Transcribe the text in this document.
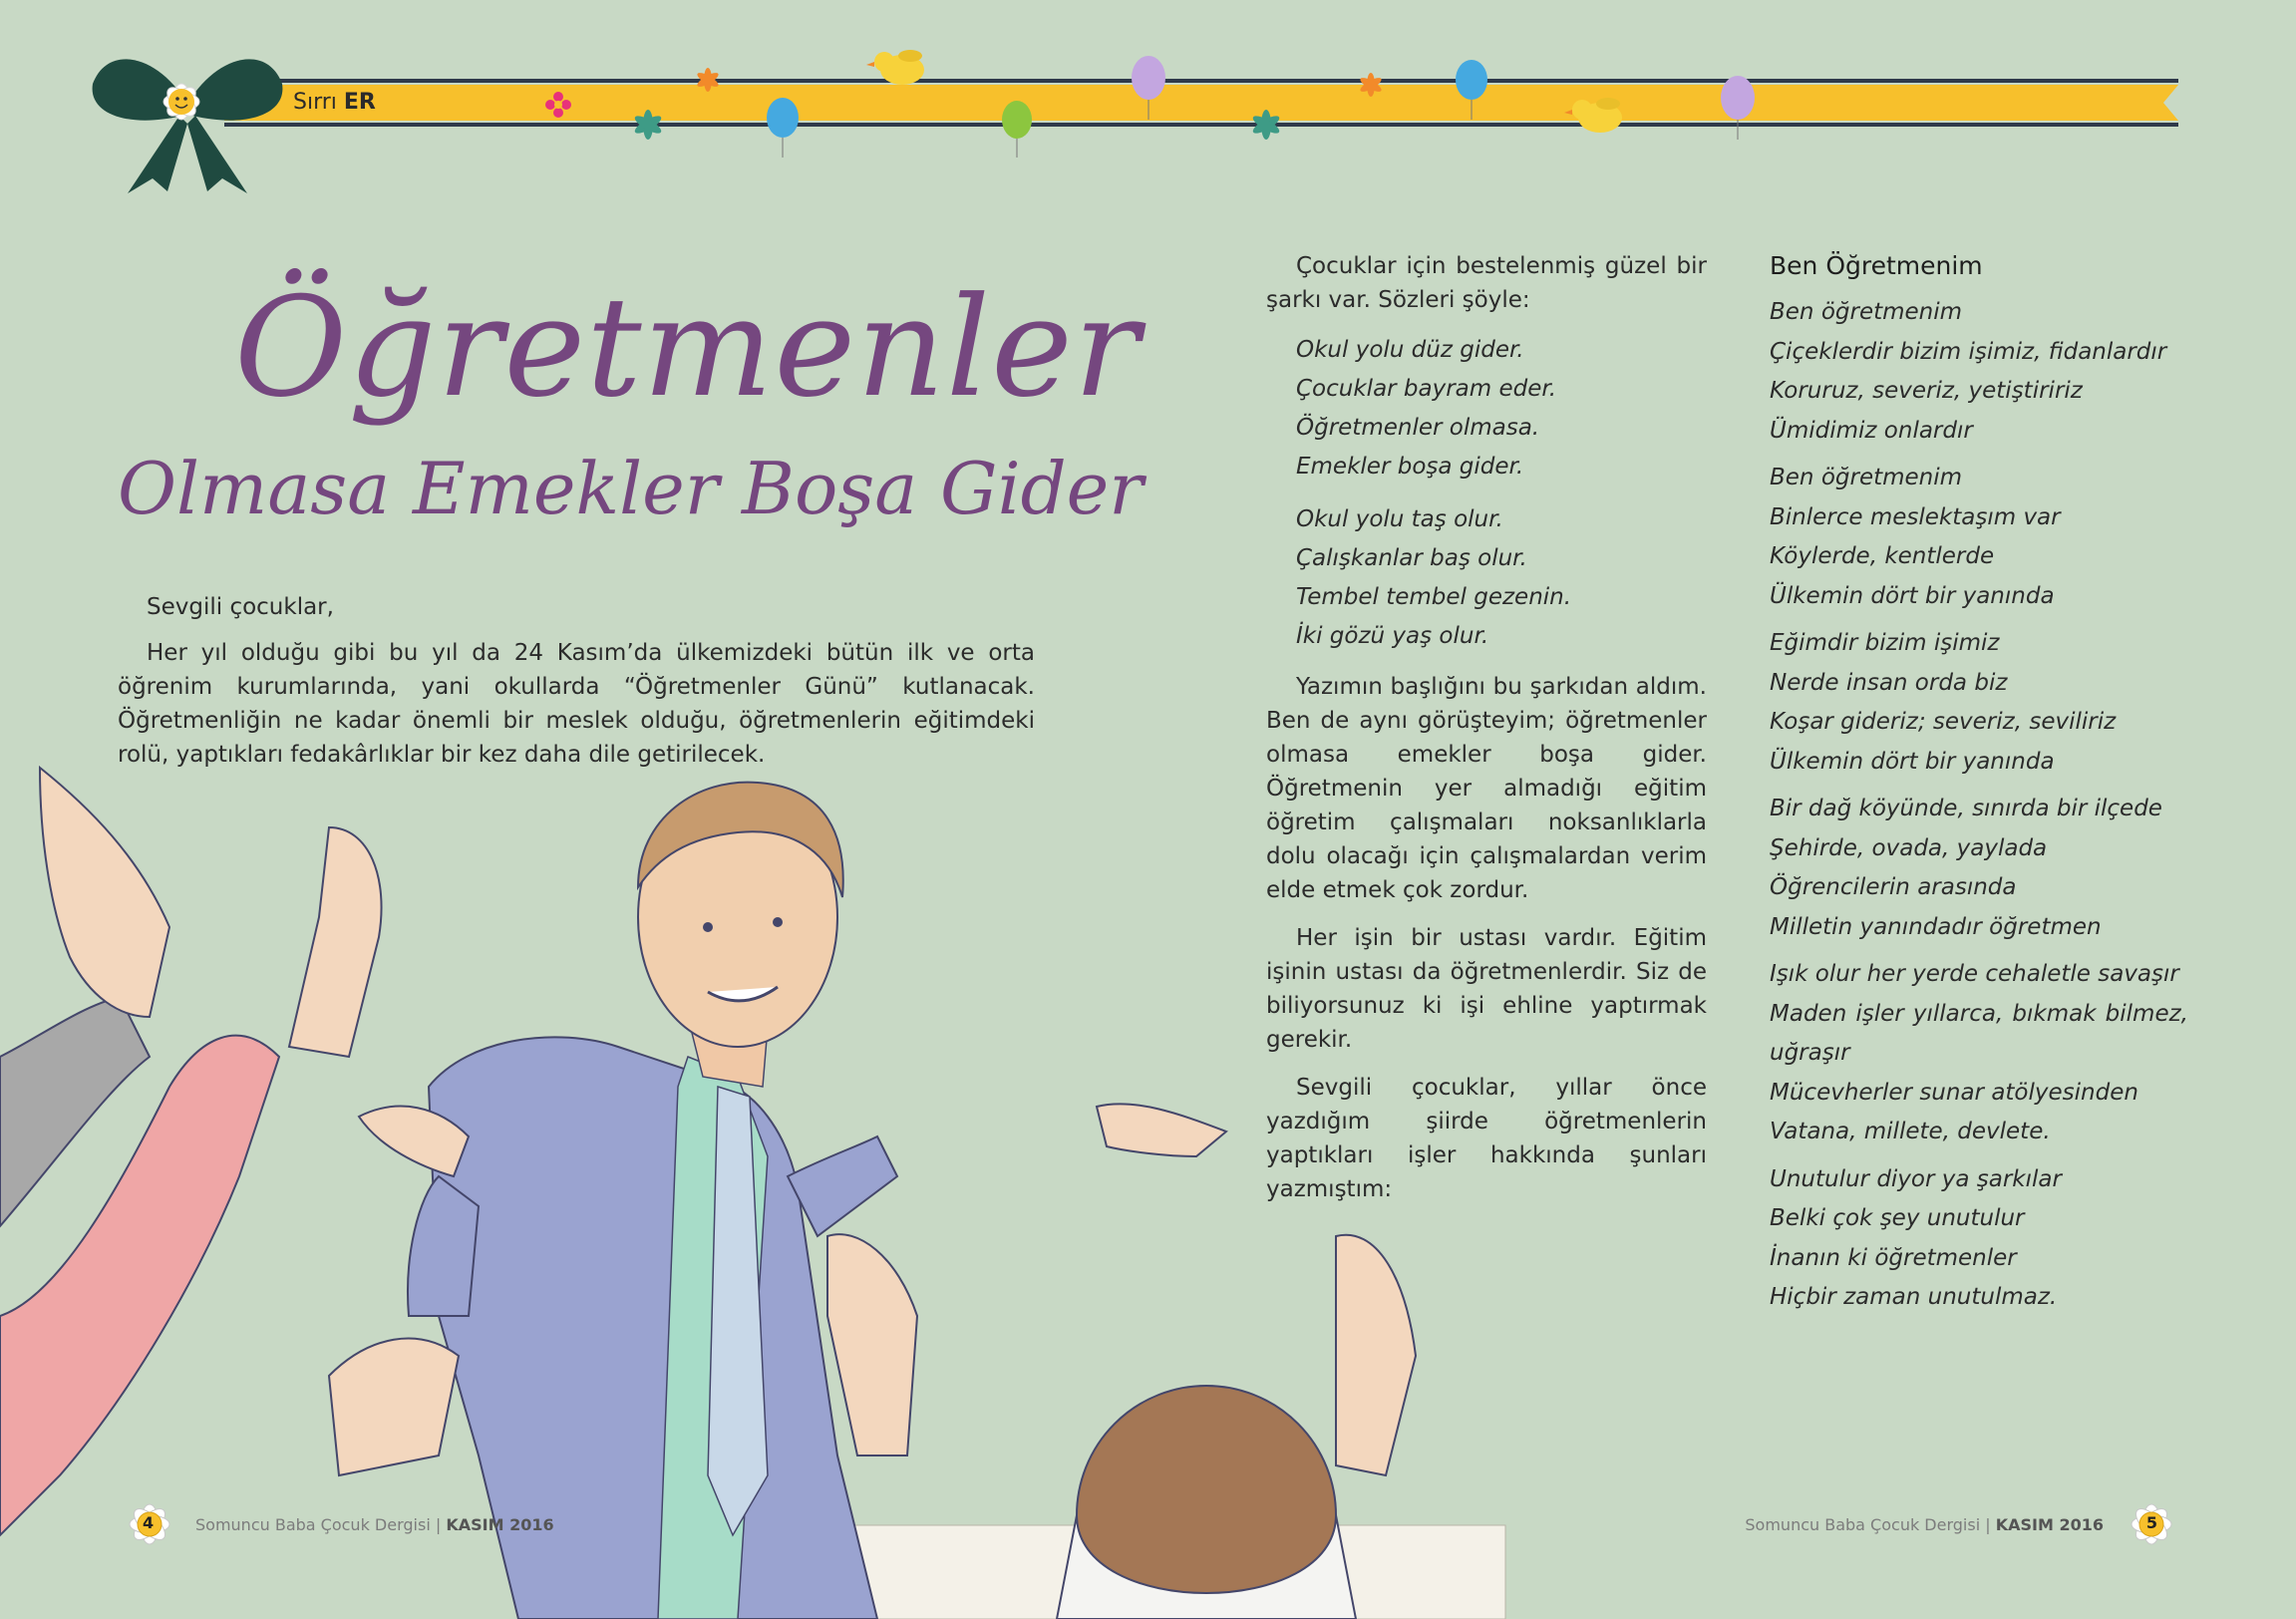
Sırrı ER
Öğretmenler
Olmasa Emekler Boşa Gider
Sevgili çocuklar,
Her yıl olduğu gibi bu yıl da 24 Kasım’da ülkemizdeki bütün ilk ve orta öğrenim kurumlarında, yani okullarda “Öğretmenler Günü” kutlanacak. Öğretmenliğin ne kadar önemli bir meslek olduğu, öğretmenlerin eğitimdeki rolü, yaptıkları fedakârlıklar bir kez daha dile getirilecek.

Çocuklar için bestelenmiş güzel bir şarkı var. Sözleri şöyle:

Okul yolu düz gider.
Çocuklar bayram eder.
Öğretmenler olmasa.
Emekler boşa gider.
Okul yolu taş olur.
Çalışkanlar baş olur.
Tembel tembel gezenin.
İki gözü yaş olur.

Yazımın başlığını bu şarkıdan aldım. Ben de aynı görüşteyim; öğretmenler olmasa emekler boşa gider. Öğretmenin yer almadığı eğitim öğretim çalışmaları noksanlıklarla dolu olacağı için çalışmalardan verim elde etmek çok zordur.

Her işin bir ustası vardır. Eğitim işinin ustası da öğretmenlerdir. Siz de biliyorsunuz ki işi ehline yaptırmak gerekir.

Sevgili çocuklar, yıllar önce yazdığım şiirde öğretmenlerin yaptıkları işler hakkında şunları yazmıştım:

Ben Öğretmenim
Ben öğretmenim
Çiçeklerdir bizim işimiz, fidanlardır
Koruruz, severiz, yetiştiririz
Ümidimiz onlardır
Ben öğretmenim
Binlerce meslektaşım var
Köylerde, kentlerde
Ülkemin dört bir yanında
Eğimdir bizim işimiz
Nerde insan orda biz
Koşar gideriz; severiz, seviliriz
Ülkemin dört bir yanında
Bir dağ köyünde, sınırda bir ilçede
Şehirde, ovada, yaylada
Öğrencilerin arasında
Milletin yanındadır öğretmen
Işık olur her yerde cehaletle savaşır
Maden işler yıllarca, bıkmak bilmez, uğraşır
Mücevherler sunar atölyesinden
Vatana, millete, devlete.
Unutulur diyor ya şarkılar
Belki çok şey unutulur
İnanın ki öğretmenler
Hiçbir zaman unutulmaz.
4	Somuncu Baba Çocuk Dergisi | KASIM 2016	Somuncu Baba Çocuk Dergisi | KASIM 2016	5
